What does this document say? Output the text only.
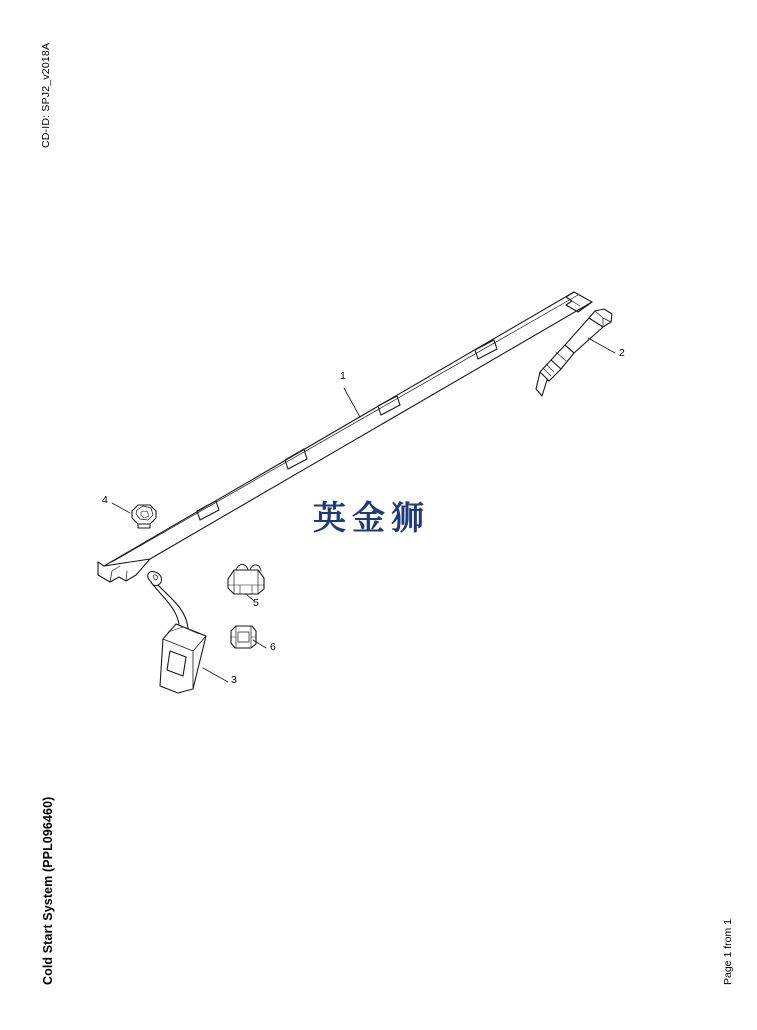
CD-ID: SPJ2_v2018A
Cold Start System (PPL096460)	Page 1 from 1
英金狮
1
2
3
4
5
6
